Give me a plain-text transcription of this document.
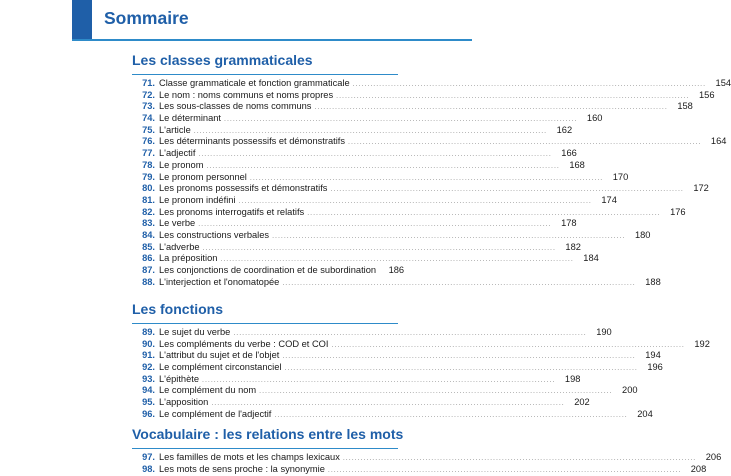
Sommaire
Les classes grammaticales
71. Classe grammaticale et fonction grammaticale ........................................................................................................................	154
72. Le nom : noms communs et noms propres ........................................................................................................................	156
73. Les sous-classes de noms communs ........................................................................................................................	158
74. Le déterminant ........................................................................................................................	160
75. L'article ........................................................................................................................	162
76. Les déterminants possessifs et démonstratifs ........................................................................................................................	164
77. L'adjectif ........................................................................................................................	166
78. Le pronom ........................................................................................................................	168
79. Le pronom personnel ........................................................................................................................	170
80. Les pronoms possessifs et démonstratifs ........................................................................................................................	172
81. Le pronom indéfini ........................................................................................................................	174
82. Les pronoms interrogatifs et relatifs ........................................................................................................................	176
83. Le verbe ........................................................................................................................	178
84. Les constructions verbales ........................................................................................................................	180
85. L'adverbe ........................................................................................................................	182
86. La préposition ........................................................................................................................	184
87. Les conjonctions de coordination et de subordination	186
88. L'interjection et l'onomatopée ........................................................................................................................	188
Les fonctions
89. Le sujet du verbe ........................................................................................................................	190
90. Les compléments du verbe : COD et COI ........................................................................................................................	192
91. L'attribut du sujet et de l'objet ........................................................................................................................	194
92. Le complément circonstanciel ........................................................................................................................	196
93. L'épithète ........................................................................................................................	198
94. Le complément du nom ........................................................................................................................	200
95. L'apposition ........................................................................................................................	202
96. Le complément de l'adjectif ........................................................................................................................	204
Vocabulaire : les relations entre les mots
97. Les familles de mots et les champs lexicaux ........................................................................................................................	206
98. Les mots de sens proche : la synonymie ........................................................................................................................	208
